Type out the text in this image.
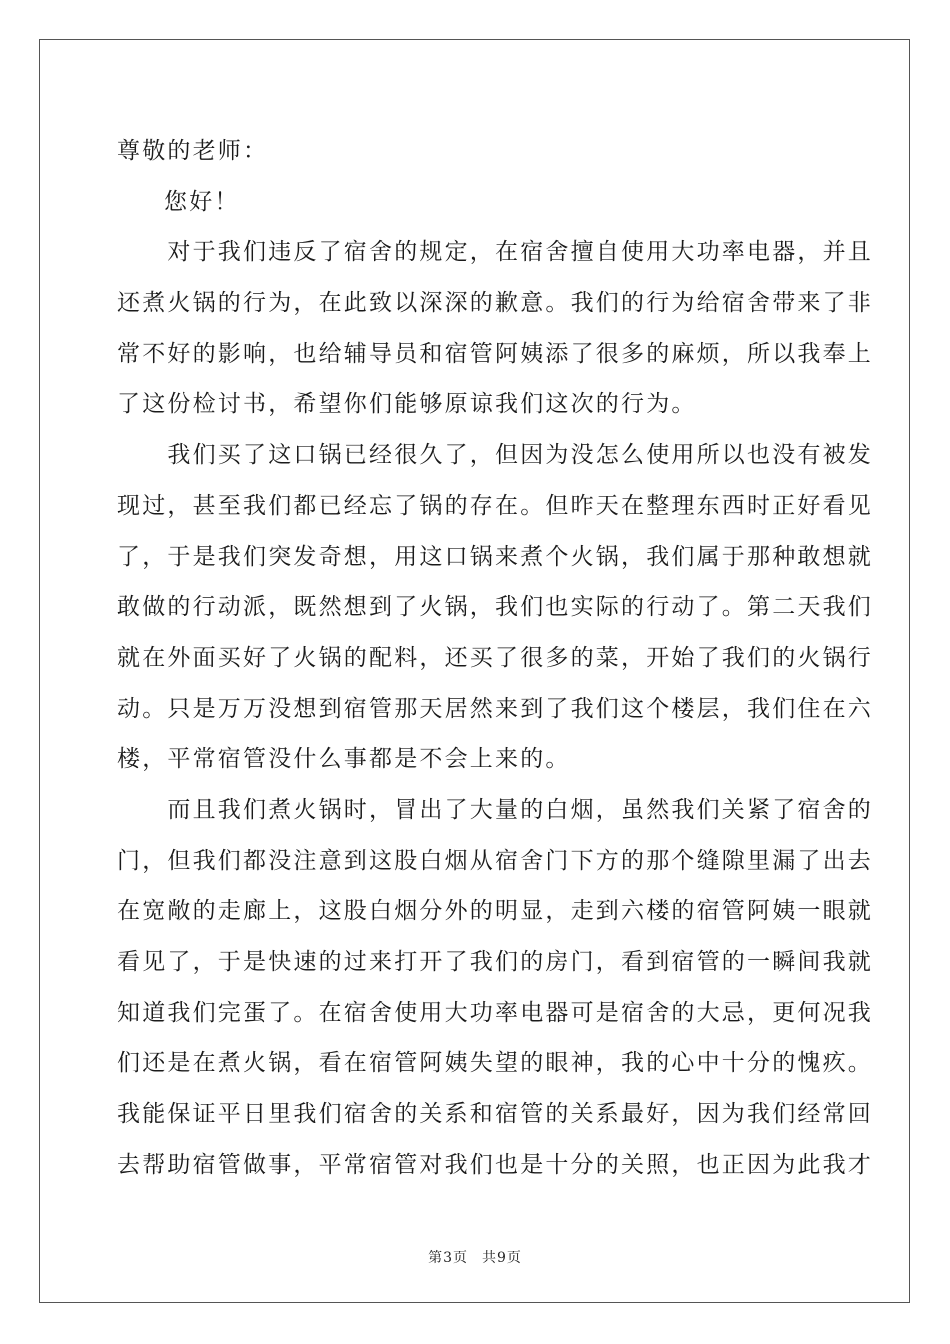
尊敬的老师：
您好！
　　对于我们违反了宿舍的规定，在宿舍擅自使用大功率电器，并且
还煮火锅的行为，在此致以深深的歉意。我们的行为给宿舍带来了非
常不好的影响，也给辅导员和宿管阿姨添了很多的麻烦，所以我奉上
了这份检讨书，希望你们能够原谅我们这次的行为。
　　我们买了这口锅已经很久了，但因为没怎么使用所以也没有被发
现过，甚至我们都已经忘了锅的存在。但昨天在整理东西时正好看见
了，于是我们突发奇想，用这口锅来煮个火锅，我们属于那种敢想就
敢做的行动派，既然想到了火锅，我们也实际的行动了。第二天我们
就在外面买好了火锅的配料，还买了很多的菜，开始了我们的火锅行
动。只是万万没想到宿管那天居然来到了我们这个楼层，我们住在六
楼，平常宿管没什么事都是不会上来的。
　　而且我们煮火锅时，冒出了大量的白烟，虽然我们关紧了宿舍的
门，但我们都没注意到这股白烟从宿舍门下方的那个缝隙里漏了出去
在宽敞的走廊上，这股白烟分外的明显，走到六楼的宿管阿姨一眼就
看见了，于是快速的过来打开了我们的房门，看到宿管的一瞬间我就
知道我们完蛋了。在宿舍使用大功率电器可是宿舍的大忌，更何况我
们还是在煮火锅，看在宿管阿姨失望的眼神，我的心中十分的愧疚。
我能保证平日里我们宿舍的关系和宿管的关系最好，因为我们经常回
去帮助宿管做事，平常宿管对我们也是十分的关照，也正因为此我才
第3页 共9页
